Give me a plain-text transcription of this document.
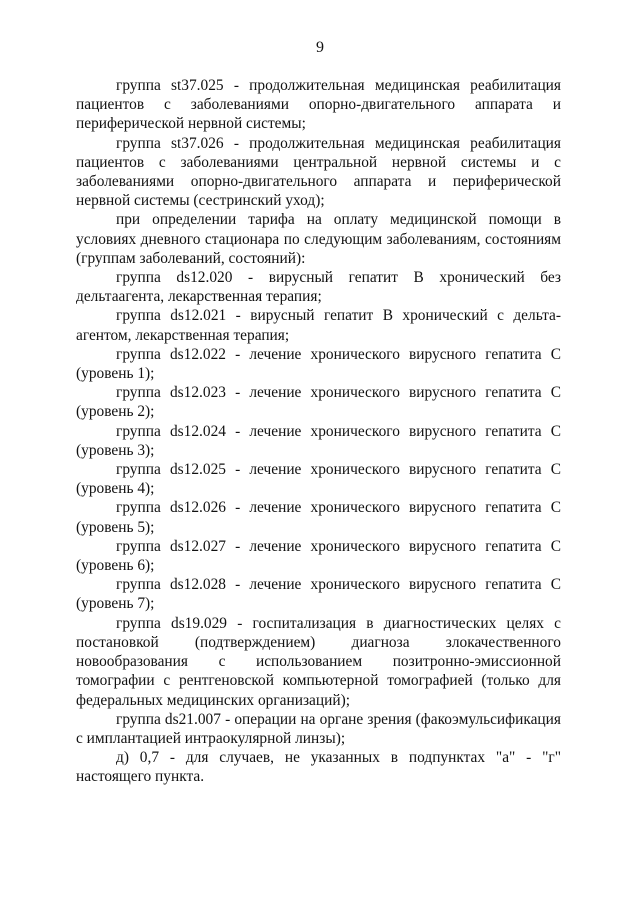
9

группа st37.025 - продолжительная медицинская реабилитация пациентов с заболеваниями опорно-двигательного аппарата и периферической нервной системы;

группа st37.026 - продолжительная медицинская реабилитация пациентов с заболеваниями центральной нервной системы и с заболеваниями опорно-двигательного аппарата и периферической нервной системы (сестринский уход);

при определении тарифа на оплату медицинской помощи в условиях дневного стационара по следующим заболеваниям, состояниям (группам заболеваний, состояний):

группа ds12.020 - вирусный гепатит B хронический без дельтаагента, лекарственная терапия;

группа ds12.021 - вирусный гепатит B хронический с дельта-агентом, лекарственная терапия;

группа ds12.022 - лечение хронического вирусного гепатита C (уровень 1);

группа ds12.023 - лечение хронического вирусного гепатита C (уровень 2);

группа ds12.024 - лечение хронического вирусного гепатита C (уровень 3);

группа ds12.025 - лечение хронического вирусного гепатита C (уровень 4);

группа ds12.026 - лечение хронического вирусного гепатита C (уровень 5);

группа ds12.027 - лечение хронического вирусного гепатита C (уровень 6);

группа ds12.028 - лечение хронического вирусного гепатита C (уровень 7);

группа ds19.029 - госпитализация в диагностических целях с постановкой (подтверждением) диагноза злокачественного новообразования с использованием позитронно-эмиссионной томографии с рентгеновской компьютерной томографией (только для федеральных медицинских организаций);

группа ds21.007 - операции на органе зрения (факоэмульсификация с имплантацией интраокулярной линзы);

д) 0,7 - для случаев, не указанных в подпунктах "а" - "г" настоящего пункта.
